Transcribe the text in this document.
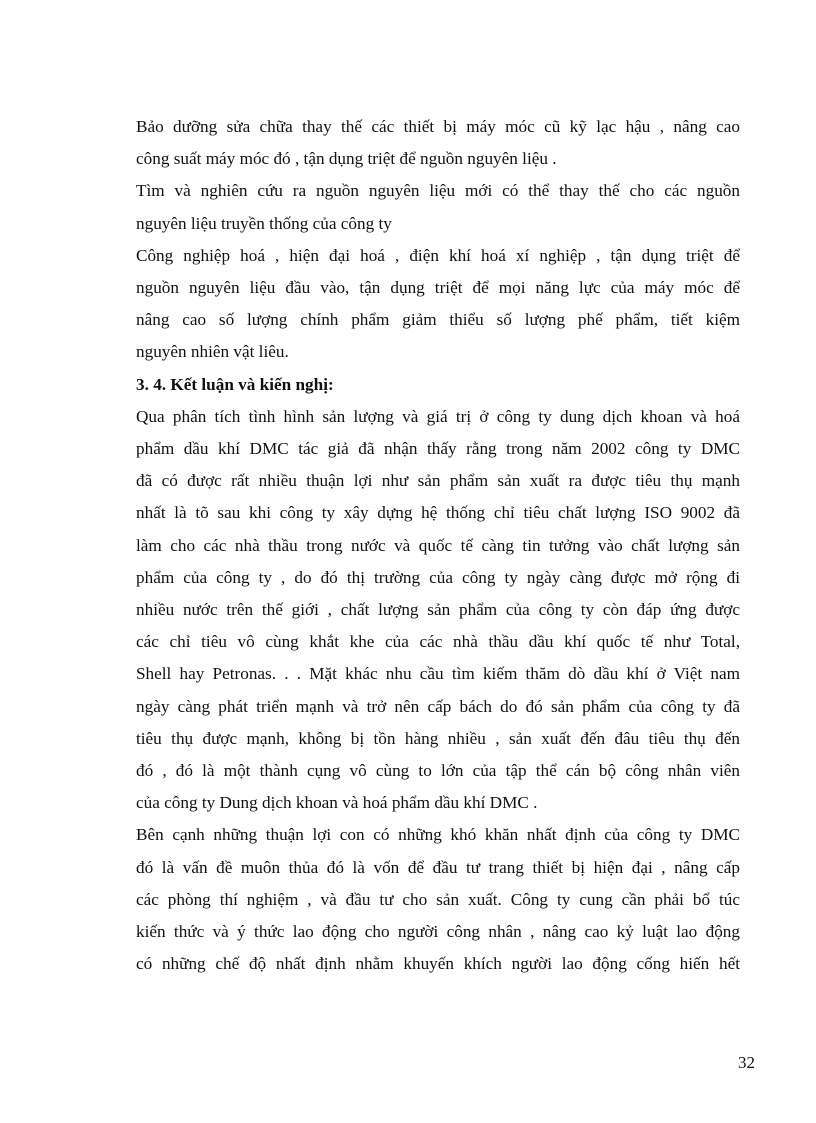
Bảo dưỡng sửa chữa thay thế các thiết bị máy móc cũ kỹ lạc hậu , nâng cao
công suất máy móc đó , tận dụng triệt để nguồn nguyên liệu .

Tìm và nghiên cứu ra nguồn nguyên liệu mới có thể thay thế cho các nguồn
nguyên liệu truyền thống của công ty

Công nghiệp hoá , hiện đại hoá , điện khí hoá xí nghiệp , tận dụng triệt để
nguồn nguyên liệu đầu vào, tận dụng triệt để mọi năng lực của máy móc để
nâng cao số lượng chính phẩm giảm thiểu số lượng phế phẩm, tiết kiệm
nguyên nhiên vật liêu.

3. 4. Kết luận và kiến nghị:

Qua phân tích tình hình sản lượng và giá trị ở công ty dung dịch khoan và hoá
phẩm dầu khí DMC tác giả đã nhận thấy rằng trong năm 2002 công ty DMC
đã có được rất nhiều thuận lợi như sản phẩm sản xuất ra được tiêu thụ mạnh
nhất là tõ sau khi công ty xây dựng hệ thống chỉ tiêu chất lượng ISO 9002 đã
làm cho các nhà thầu trong nước và quốc tế càng tin tưởng vào chất lượng sản
phẩm của công ty , do đó thị trường của công ty ngày càng được mở rộng đi
nhiều nước trên thế giới , chất lượng sản phẩm của công ty còn đáp ứng được
các chỉ tiêu vô cùng khắt khe của các nhà thầu dầu khí quốc tế như Total,
Shell hay Petronas. . . Mặt khác nhu cầu tìm kiếm thăm dò dầu khí ở Việt nam
ngày càng phát triển mạnh và trở nên cấp bách do đó sản phẩm của công ty đã
tiêu thụ được mạnh, không bị tồn hàng nhiều , sản xuất đến đâu tiêu thụ đến
đó , đó là một thành cụng vô cùng to lớn của tập thể cán bộ công nhân viên
của công ty Dung dịch khoan và hoá phẩm dầu khí DMC .

Bên cạnh những thuận lợi con có những khó khăn nhất định của công ty DMC
đó là vấn đề muôn thủa đó là vốn để đầu tư trang thiết bị hiện đại , nâng cấp
các phòng thí nghiệm , và đầu tư cho sản xuất. Công ty cung cần phải bổ túc
kiến thức và ý thức lao động cho người công nhân , nâng cao kỷ luật lao động
có những chế độ nhất định nhằm khuyến khích người lao động cống hiến hết

32
